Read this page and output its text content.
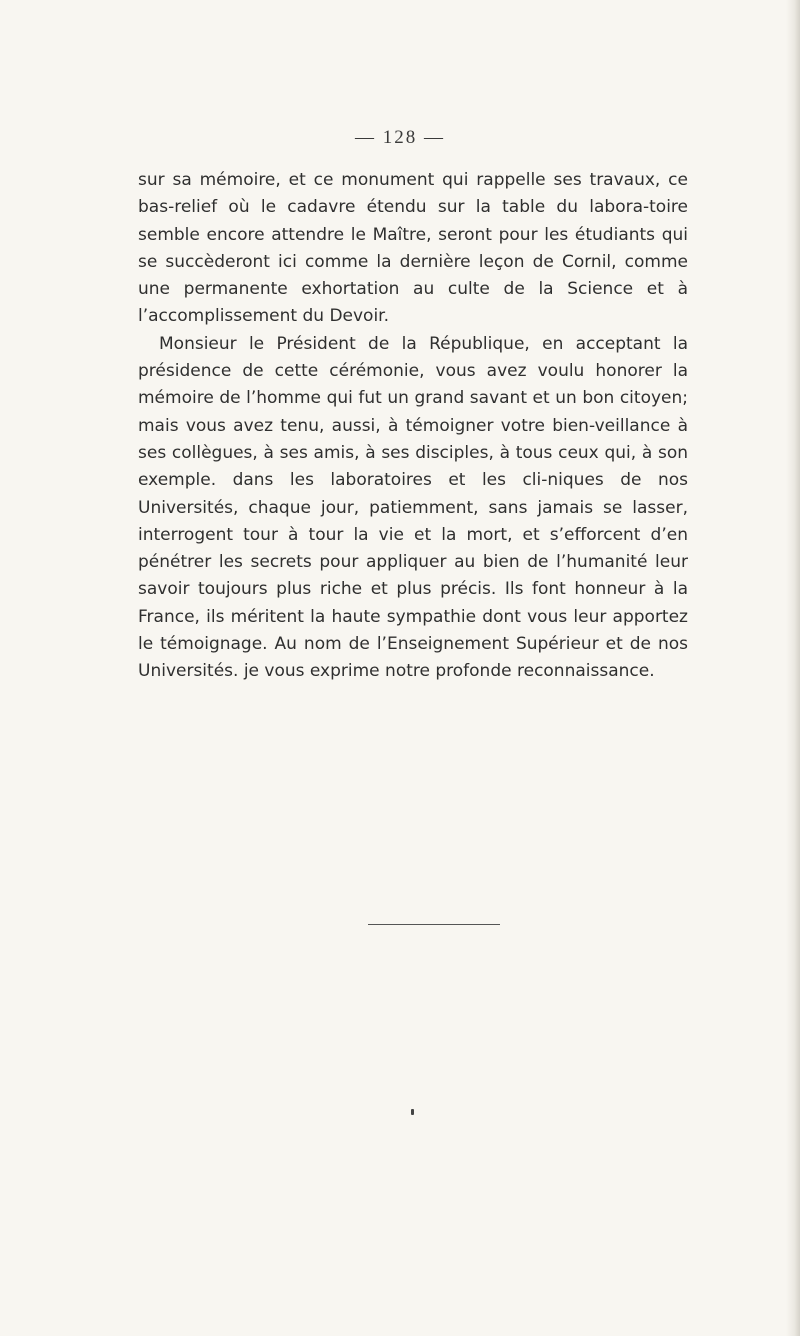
— 128 —

sur sa mémoire, et ce monument qui rappelle ses travaux, ce bas-relief où le cadavre étendu sur la table du labora-toire semble encore attendre le Maître, seront pour les étudiants qui se succèderont ici comme la dernière leçon de Cornil, comme une permanente exhortation au culte de la Science et à l’accomplissement du Devoir.

Monsieur le Président de la République, en acceptant la présidence de cette cérémonie, vous avez voulu honorer la mémoire de l’homme qui fut un grand savant et un bon citoyen; mais vous avez tenu, aussi, à témoigner votre bien-veillance à ses collègues, à ses amis, à ses disciples, à tous ceux qui, à son exemple. dans les laboratoires et les cli-niques de nos Universités, chaque jour, patiemment, sans jamais se lasser, interrogent tour à tour la vie et la mort, et s’efforcent d’en pénétrer les secrets pour appliquer au bien de l’humanité leur savoir toujours plus riche et plus précis. Ils font honneur à la France, ils méritent la haute sympathie dont vous leur apportez le témoignage. Au nom de l’Enseignement Supérieur et de nos Universités. je vous exprime notre profonde reconnaissance.
